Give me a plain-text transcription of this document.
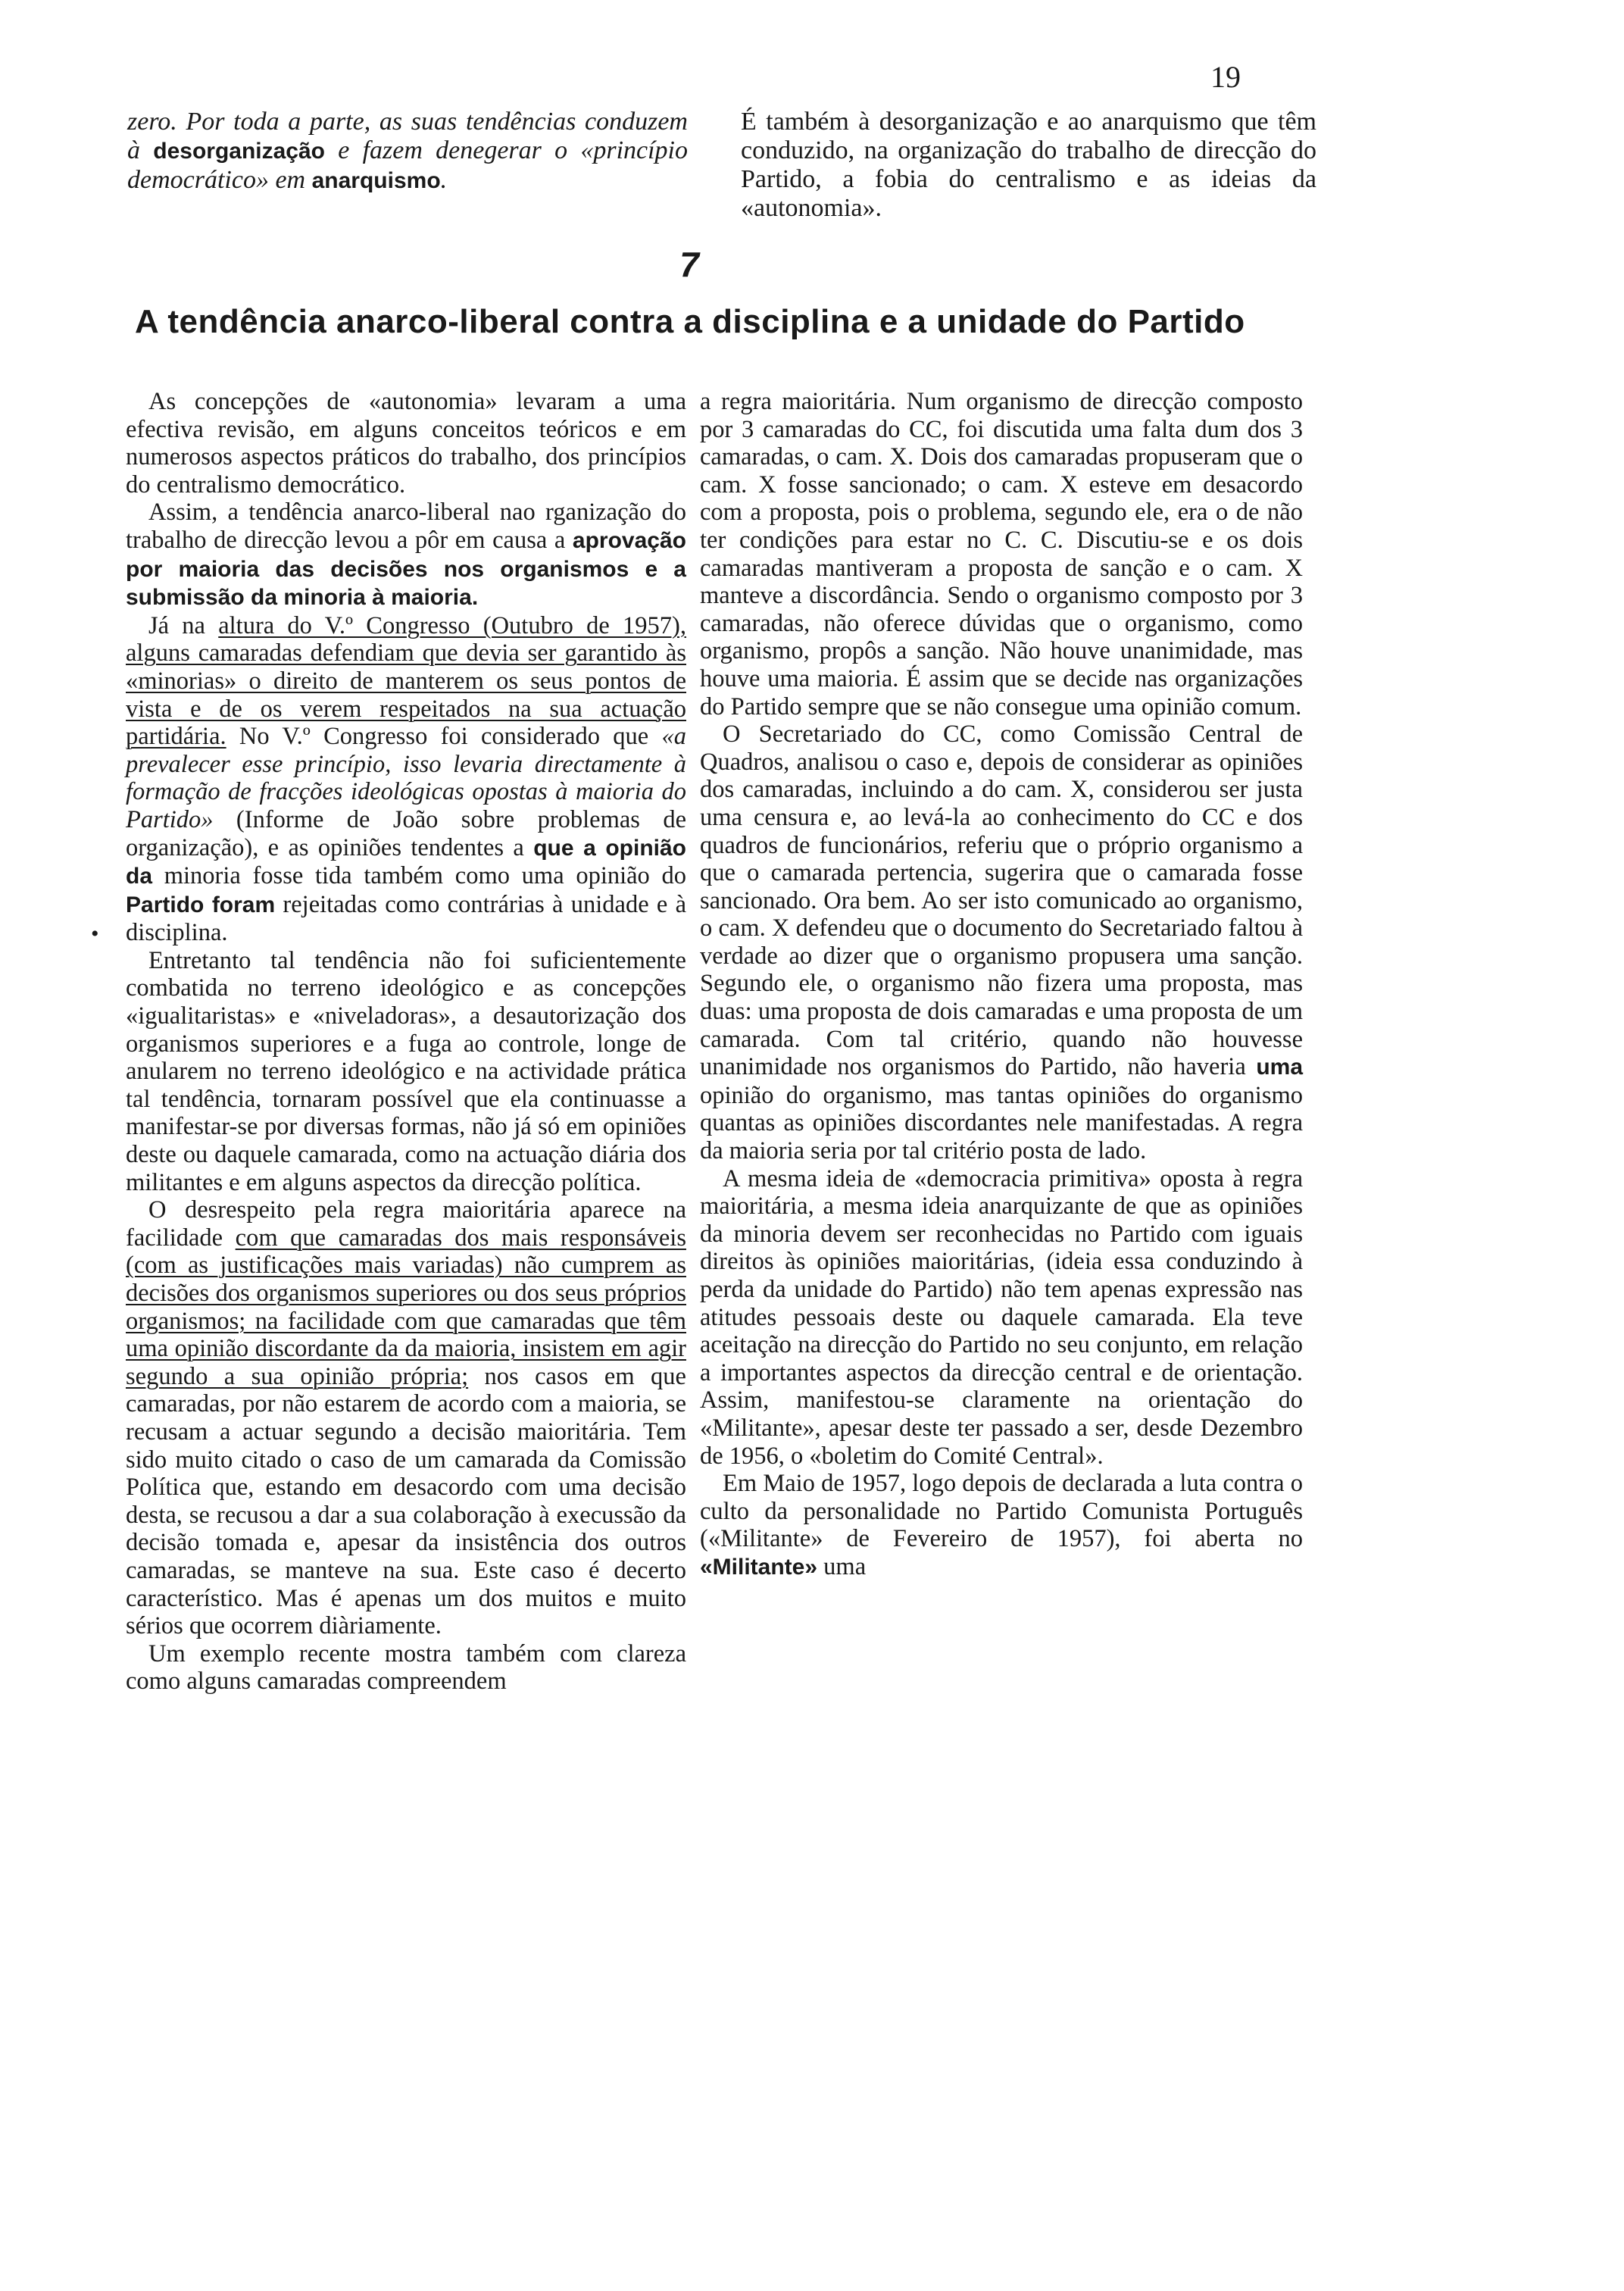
19
zero. Por toda a parte, as suas tendências conduzem à desorganização e fazem denegerar o «princípio democrático» em anarquismo.
É também à desorganização e ao anarquismo que têm conduzido, na organização do trabalho de direcção do Partido, a fobia do centralismo e as ideias da «autonomia».
7
A tendência anarco-liberal contra a disciplina e a unidade do Partido
•

As concepções de «autonomia» levaram a uma efectiva revisão, em alguns conceitos teóricos e em numerosos aspectos práticos do trabalho, dos princípios do centralismo democrático.

Assim, a tendência anarco-liberal nao rganização do trabalho de direcção levou a pôr em causa a aprovação por maioria das decisões nos organismos e a submissão da minoria à maioria.

Já na altura do V.º Congresso (Outubro de 1957), alguns camaradas defendiam que devia ser garantido às «minorias» o direito de manterem os seus pontos de vista e de os verem respeitados na sua actuação partidária. No V.º Congresso foi considerado que «a prevalecer esse princípio, isso levaria directamente à formação de fracções ideológicas opostas à maioria do Partido» (Informe de João sobre problemas de organização), e as opiniões tendentes a que a opinião da minoria fosse tida também como uma opinião do Partido foram rejeitadas como contrárias à unidade e à disciplina.

Entretanto tal tendência não foi suficientemente combatida no terreno ideológico e as concepções «igualitaristas» e «niveladoras», a desautorização dos organismos superiores e a fuga ao controle, longe de anularem no terreno ideológico e na actividade prática tal tendência, tornaram possível que ela continuasse a manifestar-se por diversas formas, não já só em opiniões deste ou daquele camarada, como na actuação diária dos militantes e em alguns aspectos da direcção política.

O desrespeito pela regra maioritária aparece na facilidade com que camaradas dos mais responsáveis (com as justificações mais variadas) não cumprem as decisões dos organismos superiores ou dos seus próprios organismos; na facilidade com que camaradas que têm uma opinião discordante da da maioria, insistem em agir segundo a sua opinião própria; nos casos em que camaradas, por não estarem de acordo com a maioria, se recusam a actuar segundo a decisão maioritária. Tem sido muito citado o caso de um camarada da Comissão Política que, estando em desacordo com uma decisão desta, se recusou a dar a sua colaboração à execussão da decisão tomada e, apesar da insistência dos outros camaradas, se manteve na sua. Este caso é decerto característico. Mas é apenas um dos muitos e muito sérios que ocorrem diàriamente.

Um exemplo recente mostra também com clareza como alguns camaradas compreendem

a regra maioritária. Num organismo de direcção composto por 3 camaradas do CC, foi discutida uma falta dum dos 3 camaradas, o cam. X. Dois dos camaradas propuseram que o cam. X fosse sancionado; o cam. X esteve em desacordo com a proposta, pois o problema, segundo ele, era o de não ter condições para estar no C. C. Discutiu-se e os dois camaradas mantiveram a proposta de sanção e o cam. X manteve a discordância. Sendo o organismo composto por 3 camaradas, não oferece dúvidas que o organismo, como organismo, propôs a sanção. Não houve unanimidade, mas houve uma maioria. É assim que se decide nas organizações do Partido sempre que se não consegue uma opinião comum.

O Secretariado do CC, como Comissão Central de Quadros, analisou o caso e, depois de considerar as opiniões dos camaradas, incluindo a do cam. X, considerou ser justa uma censura e, ao levá-la ao conhecimento do CC e dos quadros de funcionários, referiu que o próprio organismo a que o camarada pertencia, sugerira que o camarada fosse sancionado. Ora bem. Ao ser isto comunicado ao organismo, o cam. X defendeu que o documento do Secretariado faltou à verdade ao dizer que o organismo propusera uma sanção. Segundo ele, o organismo não fizera uma proposta, mas duas: uma proposta de dois camaradas e uma proposta de um camarada. Com tal critério, quando não houvesse unanimidade nos organismos do Partido, não haveria uma opinião do organismo, mas tantas opiniões do organismo quantas as opiniões discordantes nele manifestadas. A regra da maioria seria por tal critério posta de lado.

A mesma ideia de «democracia primitiva» oposta à regra maioritária, a mesma ideia anarquizante de que as opiniões da minoria devem ser reconhecidas no Partido com iguais direitos às opiniões maioritárias, (ideia essa conduzindo à perda da unidade do Partido) não tem apenas expressão nas atitudes pessoais deste ou daquele camarada. Ela teve aceitação na direcção do Partido no seu conjunto, em relação a importantes aspectos da direcção central e de orientação. Assim, manifestou-se claramente na orientação do «Militante», apesar deste ter passado a ser, desde Dezembro de 1956, o «boletim do Comité Central».

Em Maio de 1957, logo depois de declarada a luta contra o culto da personalidade no Partido Comunista Português («Militante» de Fevereiro de 1957), foi aberta no «Militante» uma
